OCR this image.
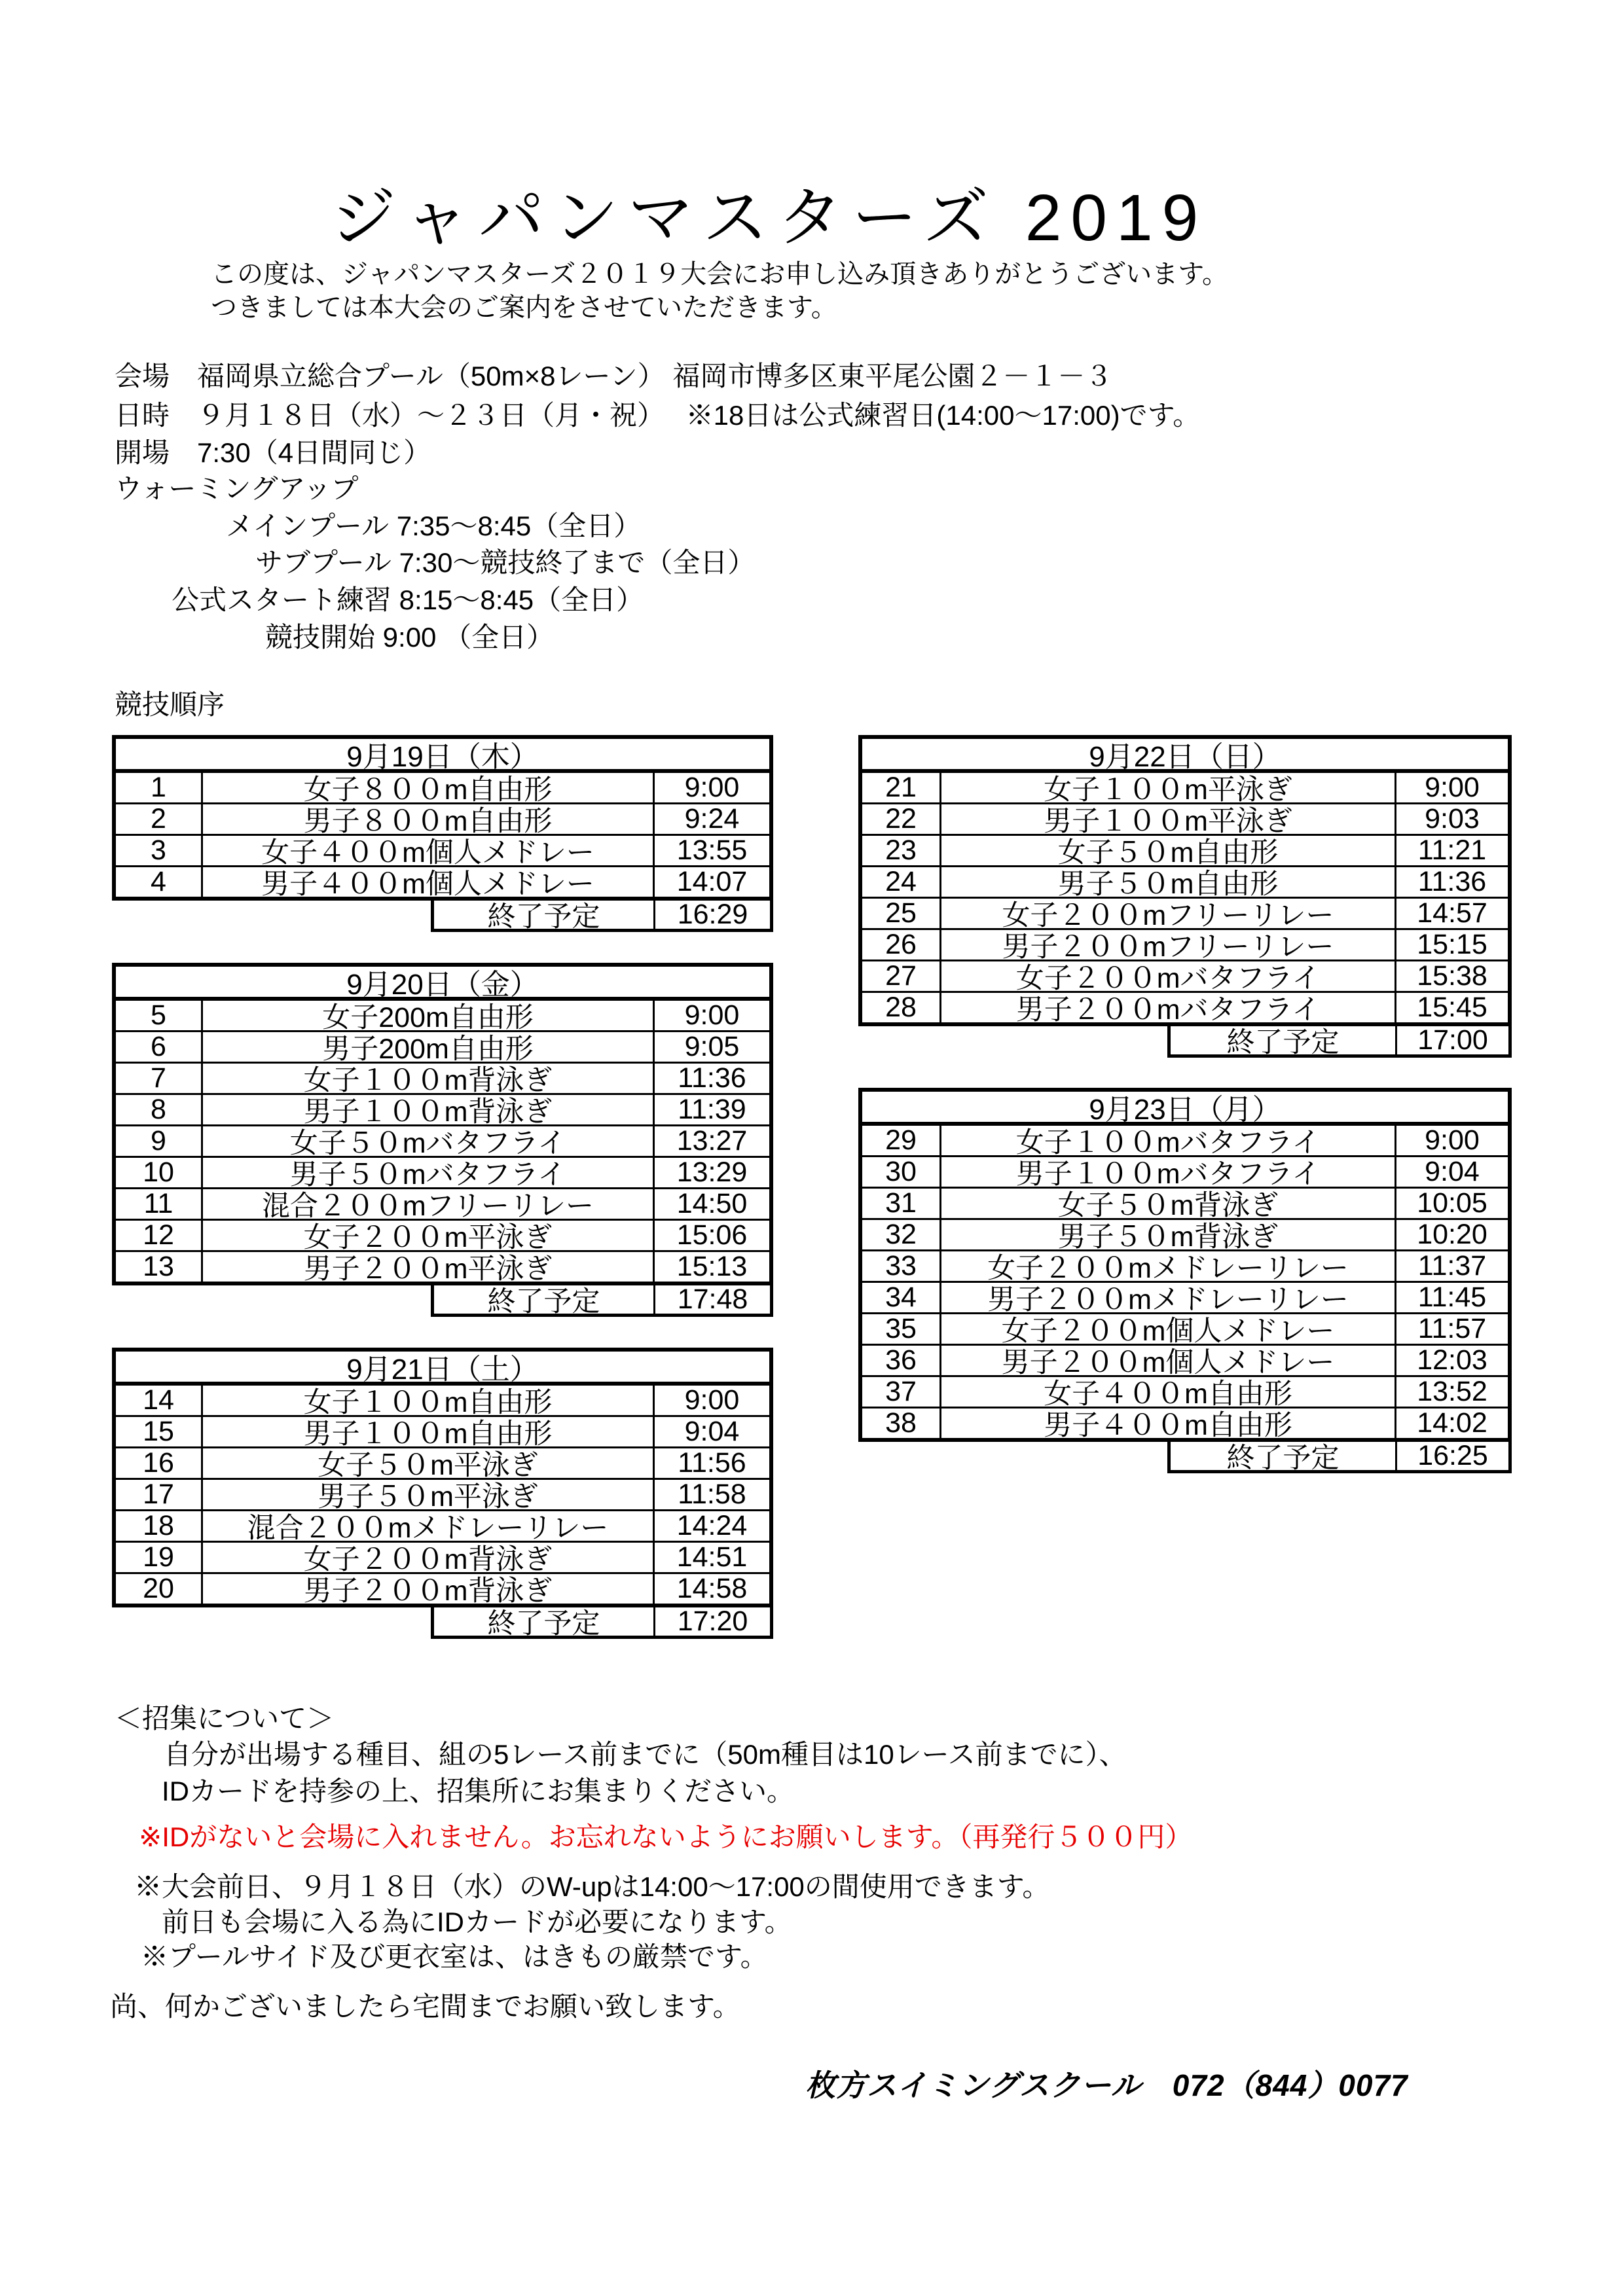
ジャパンマスターズ 2019
この度は、ジャパンマスターズ２０１９大会にお申し込み頂きありがとうございます。
つきましては本大会のご案内をさせていただきます。
会場　福岡県立総合プール（50m×8レーン） 福岡市博多区東平尾公園２－１－３
日時　９月１８日（水）～２３日（月・祝）　 ※18日は公式練習日(14:00～17:00)です。
開場　7:30（4日間同じ）
ウォーミングアップ
メインプール 7:35～8:45（全日）
サブプール 7:30～競技終了まで（全日）
公式スタート練習 8:15～8:45（全日）
競技開始 9:00 （全日）
競技順序
9月19日（木）
1	女子８００m自由形	9:00
2	男子８００m自由形	9:24
3	女子４００m個人メドレー	13:55
4	男子４００m個人メドレー	14:07
終了予定	16:29
9月20日（金）
5	女子200m自由形	9:00
6	男子200m自由形	9:05
7	女子１００m背泳ぎ	11:36
8	男子１００m背泳ぎ	11:39
9	女子５０mバタフライ	13:27
10	男子５０mバタフライ	13:29
11	混合２００mフリーリレー	14:50
12	女子２００m平泳ぎ	15:06
13	男子２００m平泳ぎ	15:13
終了予定	17:48
9月21日（土）
14	女子１００m自由形	9:00
15	男子１００m自由形	9:04
16	女子５０m平泳ぎ	11:56
17	男子５０m平泳ぎ	11:58
18	混合２００mメドレーリレー	14:24
19	女子２００m背泳ぎ	14:51
20	男子２００m背泳ぎ	14:58
終了予定	17:20
9月22日（日）
21	女子１００m平泳ぎ	9:00
22	男子１００m平泳ぎ	9:03
23	女子５０m自由形	11:21
24	男子５０m自由形	11:36
25	女子２００mフリーリレー	14:57
26	男子２００mフリーリレー	15:15
27	女子２００mバタフライ	15:38
28	男子２００mバタフライ	15:45
終了予定	17:00
9月23日（月）
29	女子１００mバタフライ	9:00
30	男子１００mバタフライ	9:04
31	女子５０m背泳ぎ	10:05
32	男子５０m背泳ぎ	10:20
33	女子２００mメドレーリレー	11:37
34	男子２００mメドレーリレー	11:45
35	女子２００m個人メドレー	11:57
36	男子２００m個人メドレー	12:03
37	女子４００m自由形	13:52
38	男子４００m自由形	14:02
終了予定	16:25
＜招集について＞
自分が出場する種目、組の5レース前までに（50m種目は10レース前までに）、
IDカードを持参の上、招集所にお集まりください。
※IDがないと会場に入れません。お忘れないようにお願いします。（再発行５００円）
※大会前日、９月１８日（水）のW-upは14:00～17:00の間使用できます。
前日も会場に入る為にIDカードが必要になります。
※プールサイド及び更衣室は、はきもの厳禁です。
尚、何かございましたら宅間までお願い致します。
枚方スイミングスクール　072（844）0077
